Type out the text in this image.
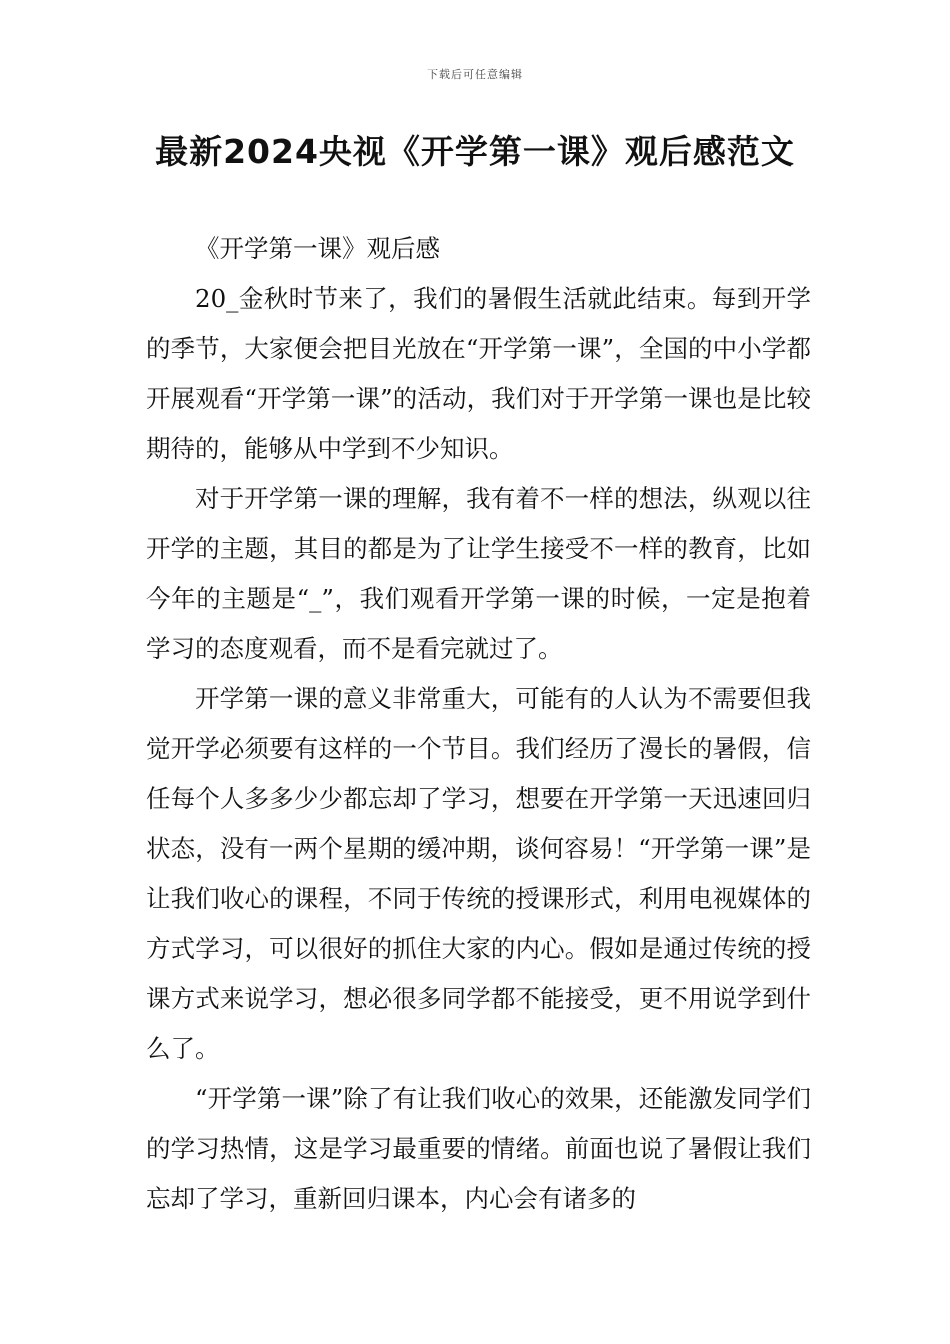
下载后可任意编辑
最新2024央视《开学第一课》观后感范文

《开学第一课》观后感

20_金秋时节来了，我们的暑假生活就此结束。每到开学的季节，大家便会把目光放在“开学第一课”，全国的中小学都开展观看“开学第一课”的活动，我们对于开学第一课也是比较期待的，能够从中学到不少知识。

对于开学第一课的理解，我有着不一样的想法，纵观以往开学的主题，其目的都是为了让学生接受不一样的教育，比如今年的主题是“_”，我们观看开学第一课的时候，一定是抱着学习的态度观看，而不是看完就过了。

开学第一课的意义非常重大，可能有的人认为不需要但我觉开学必须要有这样的一个节目。我们经历了漫长的暑假，信任每个人多多少少都忘却了学习，想要在开学第一天迅速回归状态，没有一两个星期的缓冲期，谈何容易！“开学第一课”是让我们收心的课程，不同于传统的授课形式，利用电视媒体的方式学习，可以很好的抓住大家的内心。假如是通过传统的授课方式来说学习，想必很多同学都不能接受，更不用说学到什么了。

“开学第一课”除了有让我们收心的效果，还能激发同学们的学习热情，这是学习最重要的情绪。前面也说了暑假让我们忘却了学习，重新回归课本，内心会有诸多的
